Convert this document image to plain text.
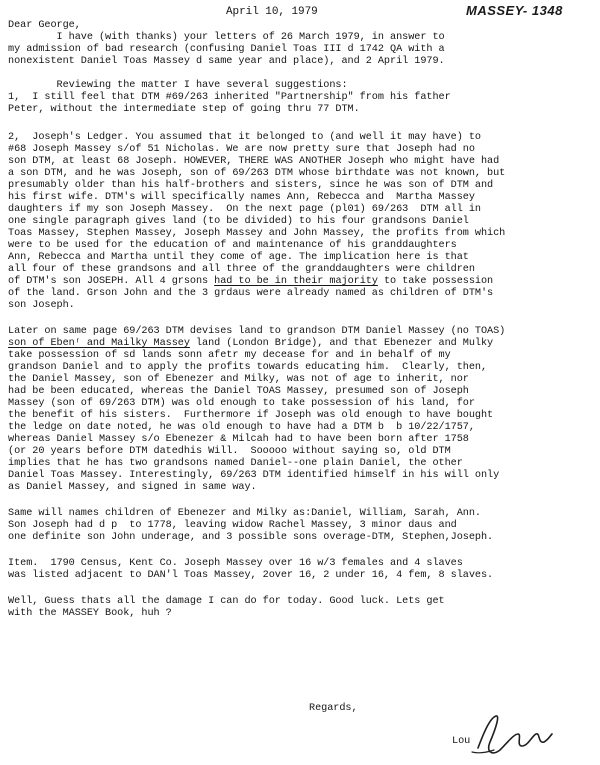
April 10, 1979	MASSEY- 1348
Dear George,
I have (with thanks) your letters of 26 March 1979, in answer to
my admission of bad research (confusing Daniel Toas III d 1742 QA with a
nonexistent Daniel Toas Massey d same year and place), and 2 April 1979.
Reviewing the matter I have several suggestions:
1,  I still feel that DTM #69/263 inherited "Partnership" from his father
Peter, without the intermediate step of going thru 77 DTM.
2,  Joseph's Ledger. You assumed that it belonged to (and well it may have) to
#68 Joseph Massey s/of 51 Nicholas. We are now pretty sure that Joseph had no
son DTM, at least 68 Joseph. HOWEVER, THERE WAS ANOTHER Joseph who might have had
a son DTM, and he was Joseph, son of 69/263 DTM whose birthdate was not known, but
presumably older than his half-brothers and sisters, since he was son of DTM and
his first wife. DTM's will specifically names Ann, Rebecca and  Martha Massey
daughters if my son Joseph Massey.  On the next page (pl01) 69/263  DTM all in
one single paragraph gives land (to be divided) to his four grandsons Daniel
Toas Massey, Stephen Massey, Joseph Massey and John Massey, the profits from which
were to be used for the education of and maintenance of his granddaughters
Ann, Rebecca and Martha until they come of age. The implication here is that
all four of these grandsons and all three of the granddaughters were children
of DTM's son JOSEPH. All 4 grsons had to be in their majority to take possession
of the land. Grson John and the 3 grdaus were already named as children of DTM's
son Joseph.
Later on same page 69/263 DTM devises land to grandson DTM Daniel Massey (no TOAS)
son of Ebenʳ and Mailky Massey land (London Bridge), and that Ebenezer and Mulky
take possession of sd lands sonn afetr my decease for and in behalf of my
grandson Daniel and to apply the profits towards educating him.  Clearly, then,
the Daniel Massey, son of Ebenezer and Milky, was not of age to inherit, nor
had be been educated, whereas the Daniel TOAS Massey, presumed son of Joseph
Massey (son of 69/263 DTM) was old enough to take possession of his land, for
the benefit of his sisters.  Furthermore if Joseph was old enough to have bought
the ledge on date noted, he was old enough to have had a DTM b  b 10/22/1757,
whereas Daniel Massey s/o Ebenezer & Milcah had to have been born after 1758
(or 20 years before DTM datedhis Will.  Sooooo without saying so, old DTM
implies that he has two grandsons named Daniel--one plain Daniel, the other
Daniel Toas Massey. Interestingly, 69/263 DTM identified himself in his will only
as Daniel Massey, and signed in same way.
Same will names children of Ebenezer and Milky as:Daniel, William, Sarah, Ann.
Son Joseph had d p  to 1778, leaving widow Rachel Massey, 3 minor daus and
one definite son John underage, and 3 possible sons overage-DTM, Stephen,Joseph.
Item.  1790 Census, Kent Co. Joseph Massey over 16 w/3 females and 4 slaves
was listed adjacent to DAN'l Toas Massey, 2over 16, 2 under 16, 4 fem, 8 slaves.
Well, Guess thats all the damage I can do for today. Good luck. Lets get
with the MASSEY Book, huh ?
Regards,
Lou
